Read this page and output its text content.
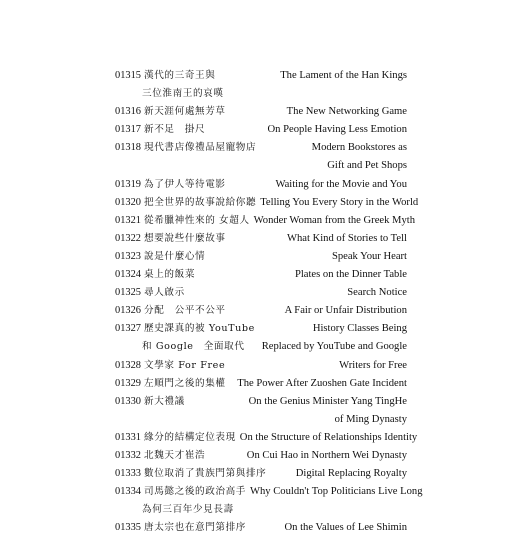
01315 漢代的三奇王與	The Lament of the Han Kings
三位淮南王的哀嘆
01316 新天涯何處無芳草	The New Networking Game
01317 新不足　掛尺	On People Having Less Emotion
01318 現代書店像禮品屋寵物店	Modern Bookstores as
Gift and Pet Shops
01319 為了伊人等待電影	Waiting for the Movie and You
01320 把全世界的故事說給你聽 Telling You Every Story in the World
01321 從希臘神性來的 女超人 Wonder Woman from the Greek Myth
01322 想要說些什麼故事	What Kind of Stories to Tell
01323 說是什麼心情	Speak Your Heart
01324 桌上的飯菜	Plates on the Dinner Table
01325 尋人啟示	Search Notice
01326 分配　公平不公平	A Fair or Unfair Distribution
01327 歷史課真的被 YouTube	History Classes Being
和 Google　全面取代 Replaced by YouTube and Google
01328 文學家 For Free	Writers for Free
01329 左順門之後的集權 The Power After Zuoshen Gate Incident
01330 新大禮議	On the Genius Minister Yang TingHe
of Ming Dynasty
01331 緣分的結構定位表現 On the Structure of Relationships Identity
01332 北魏天才崔浩	On Cui Hao in Northern Wei Dynasty
01333 數位取消了貴族門第與排序	Digital Replacing Royalty
01334 司馬懿之後的政治高手 Why Couldn't Top Politicians Live Long
為何三百年少見長壽
01335 唐太宗也在意門第排序	On the Values of Lee Shimin
